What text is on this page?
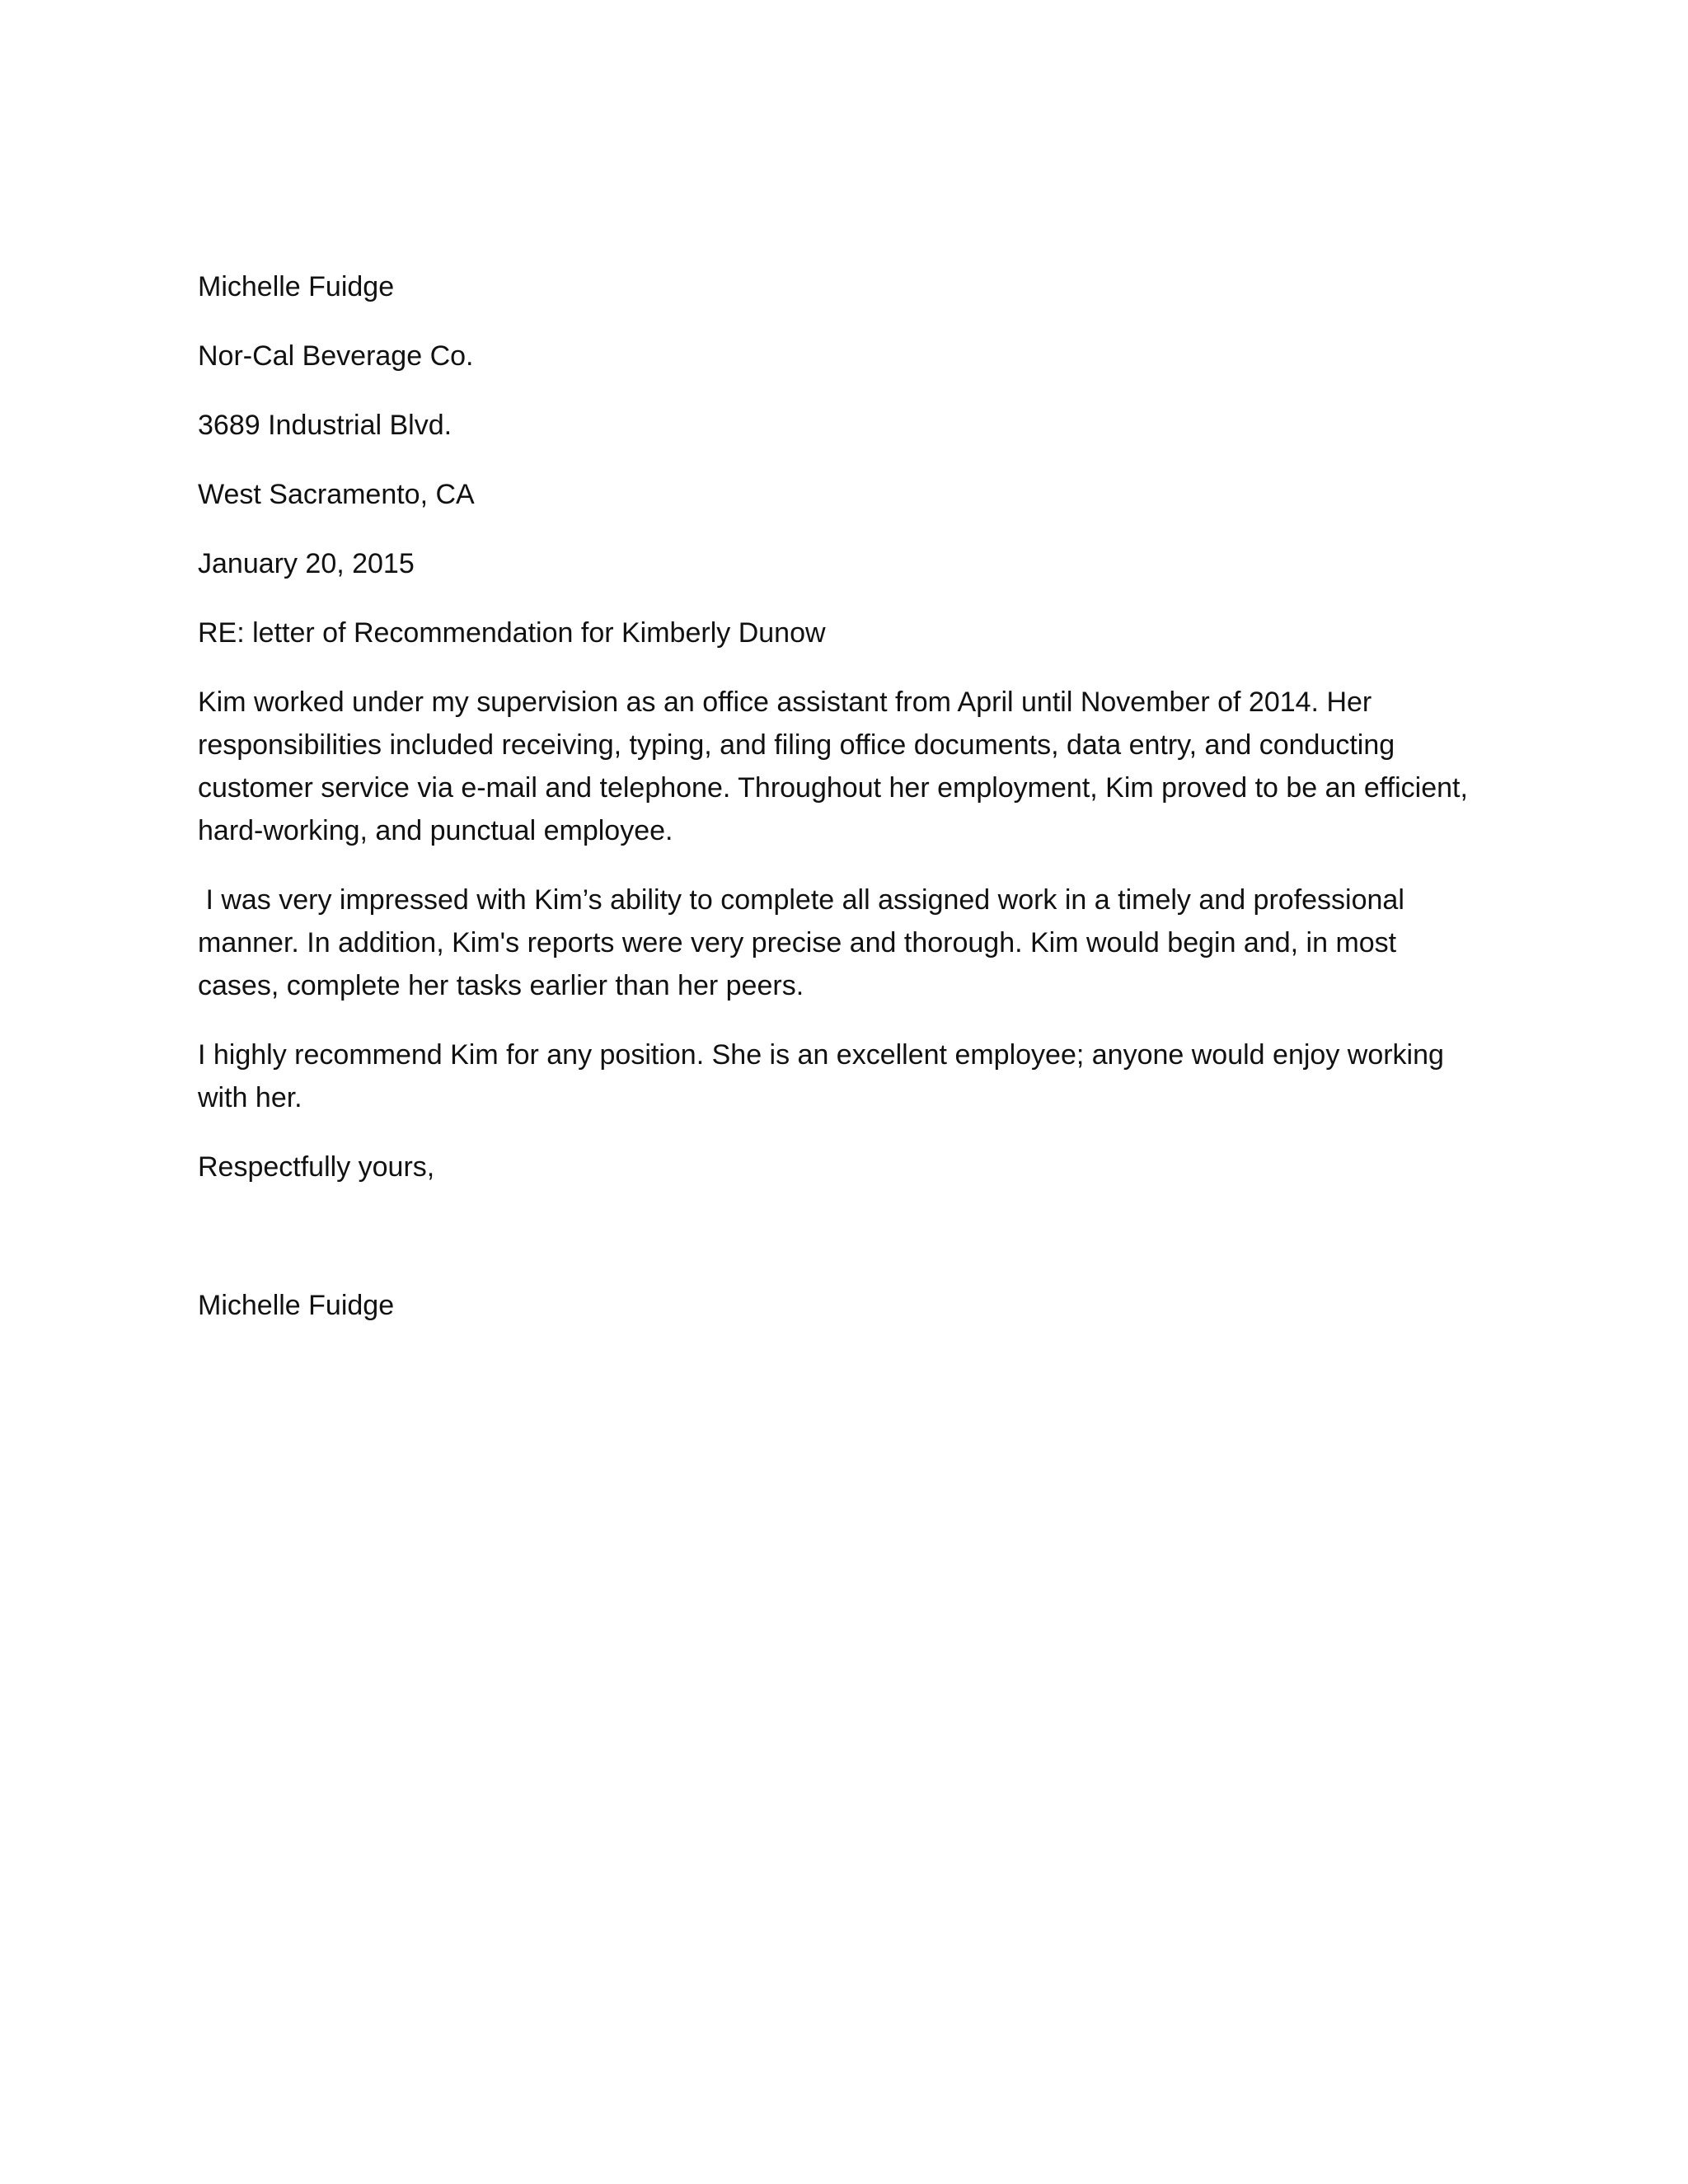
Michelle Fuidge
Nor-Cal Beverage Co.
3689 Industrial Blvd.
West Sacramento, CA
January 20, 2015
RE: letter of Recommendation for Kimberly Dunow
Kim worked under my supervision as an office assistant from April until November of 2014. Her responsibilities included receiving, typing, and filing office documents, data entry, and conducting customer service via e-mail and telephone. Throughout her employment, Kim proved to be an efficient, hard-working, and punctual employee.
I was very impressed with Kim’s ability to complete all assigned work in a timely and professional manner. In addition, Kim's reports were very precise and thorough. Kim would begin and, in most cases, complete her tasks earlier than her peers.
I highly recommend Kim for any position. She is an excellent employee; anyone would enjoy working with her.
Respectfully yours,
Michelle Fuidge
